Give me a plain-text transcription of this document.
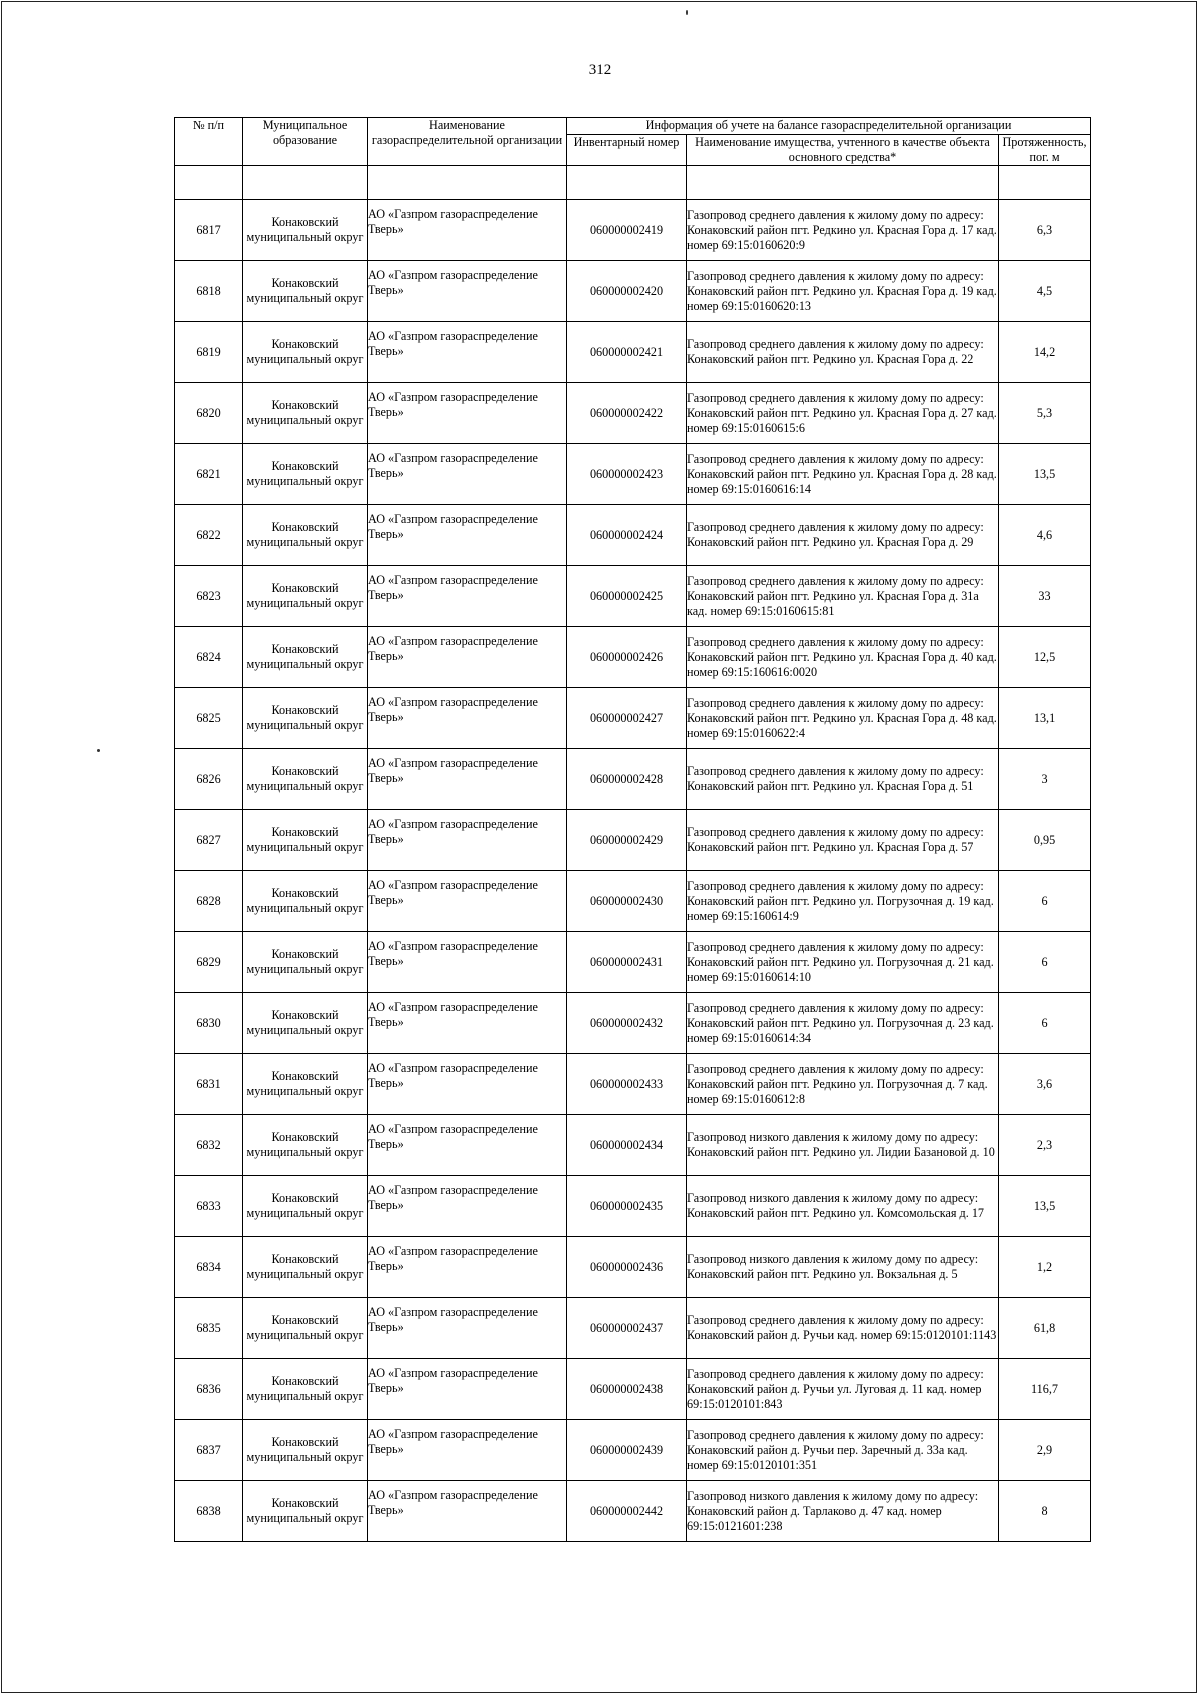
312
№ п/п	Муниципальное образование	Наименование газораспределительной организации	Информация об учете на балансе газораспределительной организации		
			Инвентарный номер	Наименование имущества, учтенного в качестве объекта основного средства*	Протяженность, пог. м

6817	Конаковский муниципальный округ	АО «Газпром газораспределение Тверь»	060000002419	Газопровод среднего давления к жилому дому по адресу: Конаковский район пгт. Редкино ул. Красная Гора д. 17 кад. номер 69:15:0160620:9	6,3
6818	Конаковский муниципальный округ	АО «Газпром газораспределение Тверь»	060000002420	Газопровод среднего давления к жилому дому по адресу: Конаковский район пгт. Редкино ул. Красная Гора д. 19 кад. номер 69:15:0160620:13	4,5
6819	Конаковский муниципальный округ	АО «Газпром газораспределение Тверь»	060000002421	Газопровод среднего давления к жилому дому по адресу: Конаковский район пгт. Редкино ул. Красная Гора д. 22	14,2
6820	Конаковский муниципальный округ	АО «Газпром газораспределение Тверь»	060000002422	Газопровод среднего давления к жилому дому по адресу: Конаковский район пгт. Редкино ул. Красная Гора д. 27 кад. номер 69:15:0160615:6	5,3
6821	Конаковский муниципальный округ	АО «Газпром газораспределение Тверь»	060000002423	Газопровод среднего давления к жилому дому по адресу: Конаковский район пгт. Редкино ул. Красная Гора д. 28 кад. номер 69:15:0160616:14	13,5
6822	Конаковский муниципальный округ	АО «Газпром газораспределение Тверь»	060000002424	Газопровод среднего давления к жилому дому по адресу: Конаковский район пгт. Редкино ул. Красная Гора д. 29	4,6
6823	Конаковский муниципальный округ	АО «Газпром газораспределение Тверь»	060000002425	Газопровод среднего давления к жилому дому по адресу: Конаковский район пгт. Редкино ул. Красная Гора д. 31а кад. номер 69:15:0160615:81	33
6824	Конаковский муниципальный округ	АО «Газпром газораспределение Тверь»	060000002426	Газопровод среднего давления к жилому дому по адресу: Конаковский район пгт. Редкино ул. Красная Гора д. 40 кад. номер 69:15:160616:0020	12,5
6825	Конаковский муниципальный округ	АО «Газпром газораспределение Тверь»	060000002427	Газопровод среднего давления к жилому дому по адресу: Конаковский район пгт. Редкино ул. Красная Гора д. 48 кад. номер 69:15:0160622:4	13,1
6826	Конаковский муниципальный округ	АО «Газпром газораспределение Тверь»	060000002428	Газопровод среднего давления к жилому дому по адресу: Конаковский район пгт. Редкино ул. Красная Гора д. 51	3
6827	Конаковский муниципальный округ	АО «Газпром газораспределение Тверь»	060000002429	Газопровод среднего давления к жилому дому по адресу: Конаковский район пгт. Редкино ул. Красная Гора д. 57	0,95
6828	Конаковский муниципальный округ	АО «Газпром газораспределение Тверь»	060000002430	Газопровод среднего давления к жилому дому по адресу: Конаковский район пгт. Редкино ул. Погрузочная д. 19 кад. номер 69:15:160614:9	6
6829	Конаковский муниципальный округ	АО «Газпром газораспределение Тверь»	060000002431	Газопровод среднего давления к жилому дому по адресу: Конаковский район пгт. Редкино ул. Погрузочная д. 21 кад. номер 69:15:0160614:10	6
6830	Конаковский муниципальный округ	АО «Газпром газораспределение Тверь»	060000002432	Газопровод среднего давления к жилому дому по адресу: Конаковский район пгт. Редкино ул. Погрузочная д. 23 кад. номер 69:15:0160614:34	6
6831	Конаковский муниципальный округ	АО «Газпром газораспределение Тверь»	060000002433	Газопровод среднего давления к жилому дому по адресу: Конаковский район пгт. Редкино ул. Погрузочная д. 7 кад. номер 69:15:0160612:8	3,6
6832	Конаковский муниципальный округ	АО «Газпром газораспределение Тверь»	060000002434	Газопровод низкого давления к жилому дому по адресу: Конаковский район пгт. Редкино ул. Лидии Базановой д. 10	2,3
6833	Конаковский муниципальный округ	АО «Газпром газораспределение Тверь»	060000002435	Газопровод низкого давления к жилому дому по адресу: Конаковский район пгт. Редкино ул. Комсомольская д. 17	13,5
6834	Конаковский муниципальный округ	АО «Газпром газораспределение Тверь»	060000002436	Газопровод низкого давления к жилому дому по адресу: Конаковский район пгт. Редкино ул. Вокзальная д. 5	1,2
6835	Конаковский муниципальный округ	АО «Газпром газораспределение Тверь»	060000002437	Газопровод среднего давления к жилому дому по адресу: Конаковский район д. Ручьи кад. номер 69:15:0120101:1143	61,8
6836	Конаковский муниципальный округ	АО «Газпром газораспределение Тверь»	060000002438	Газопровод среднего давления к жилому дому по адресу: Конаковский район д. Ручьи ул. Луговая д. 11 кад. номер 69:15:0120101:843	116,7
6837	Конаковский муниципальный округ	АО «Газпром газораспределение Тверь»	060000002439	Газопровод среднего давления к жилому дому по адресу: Конаковский район д. Ручьи пер. Заречный д. 33а кад. номер 69:15:0120101:351	2,9
6838	Конаковский муниципальный округ	АО «Газпром газораспределение Тверь»	060000002442	Газопровод низкого давления к жилому дому по адресу: Конаковский район д. Тарлаково д. 47 кад. номер 69:15:0121601:238	8
